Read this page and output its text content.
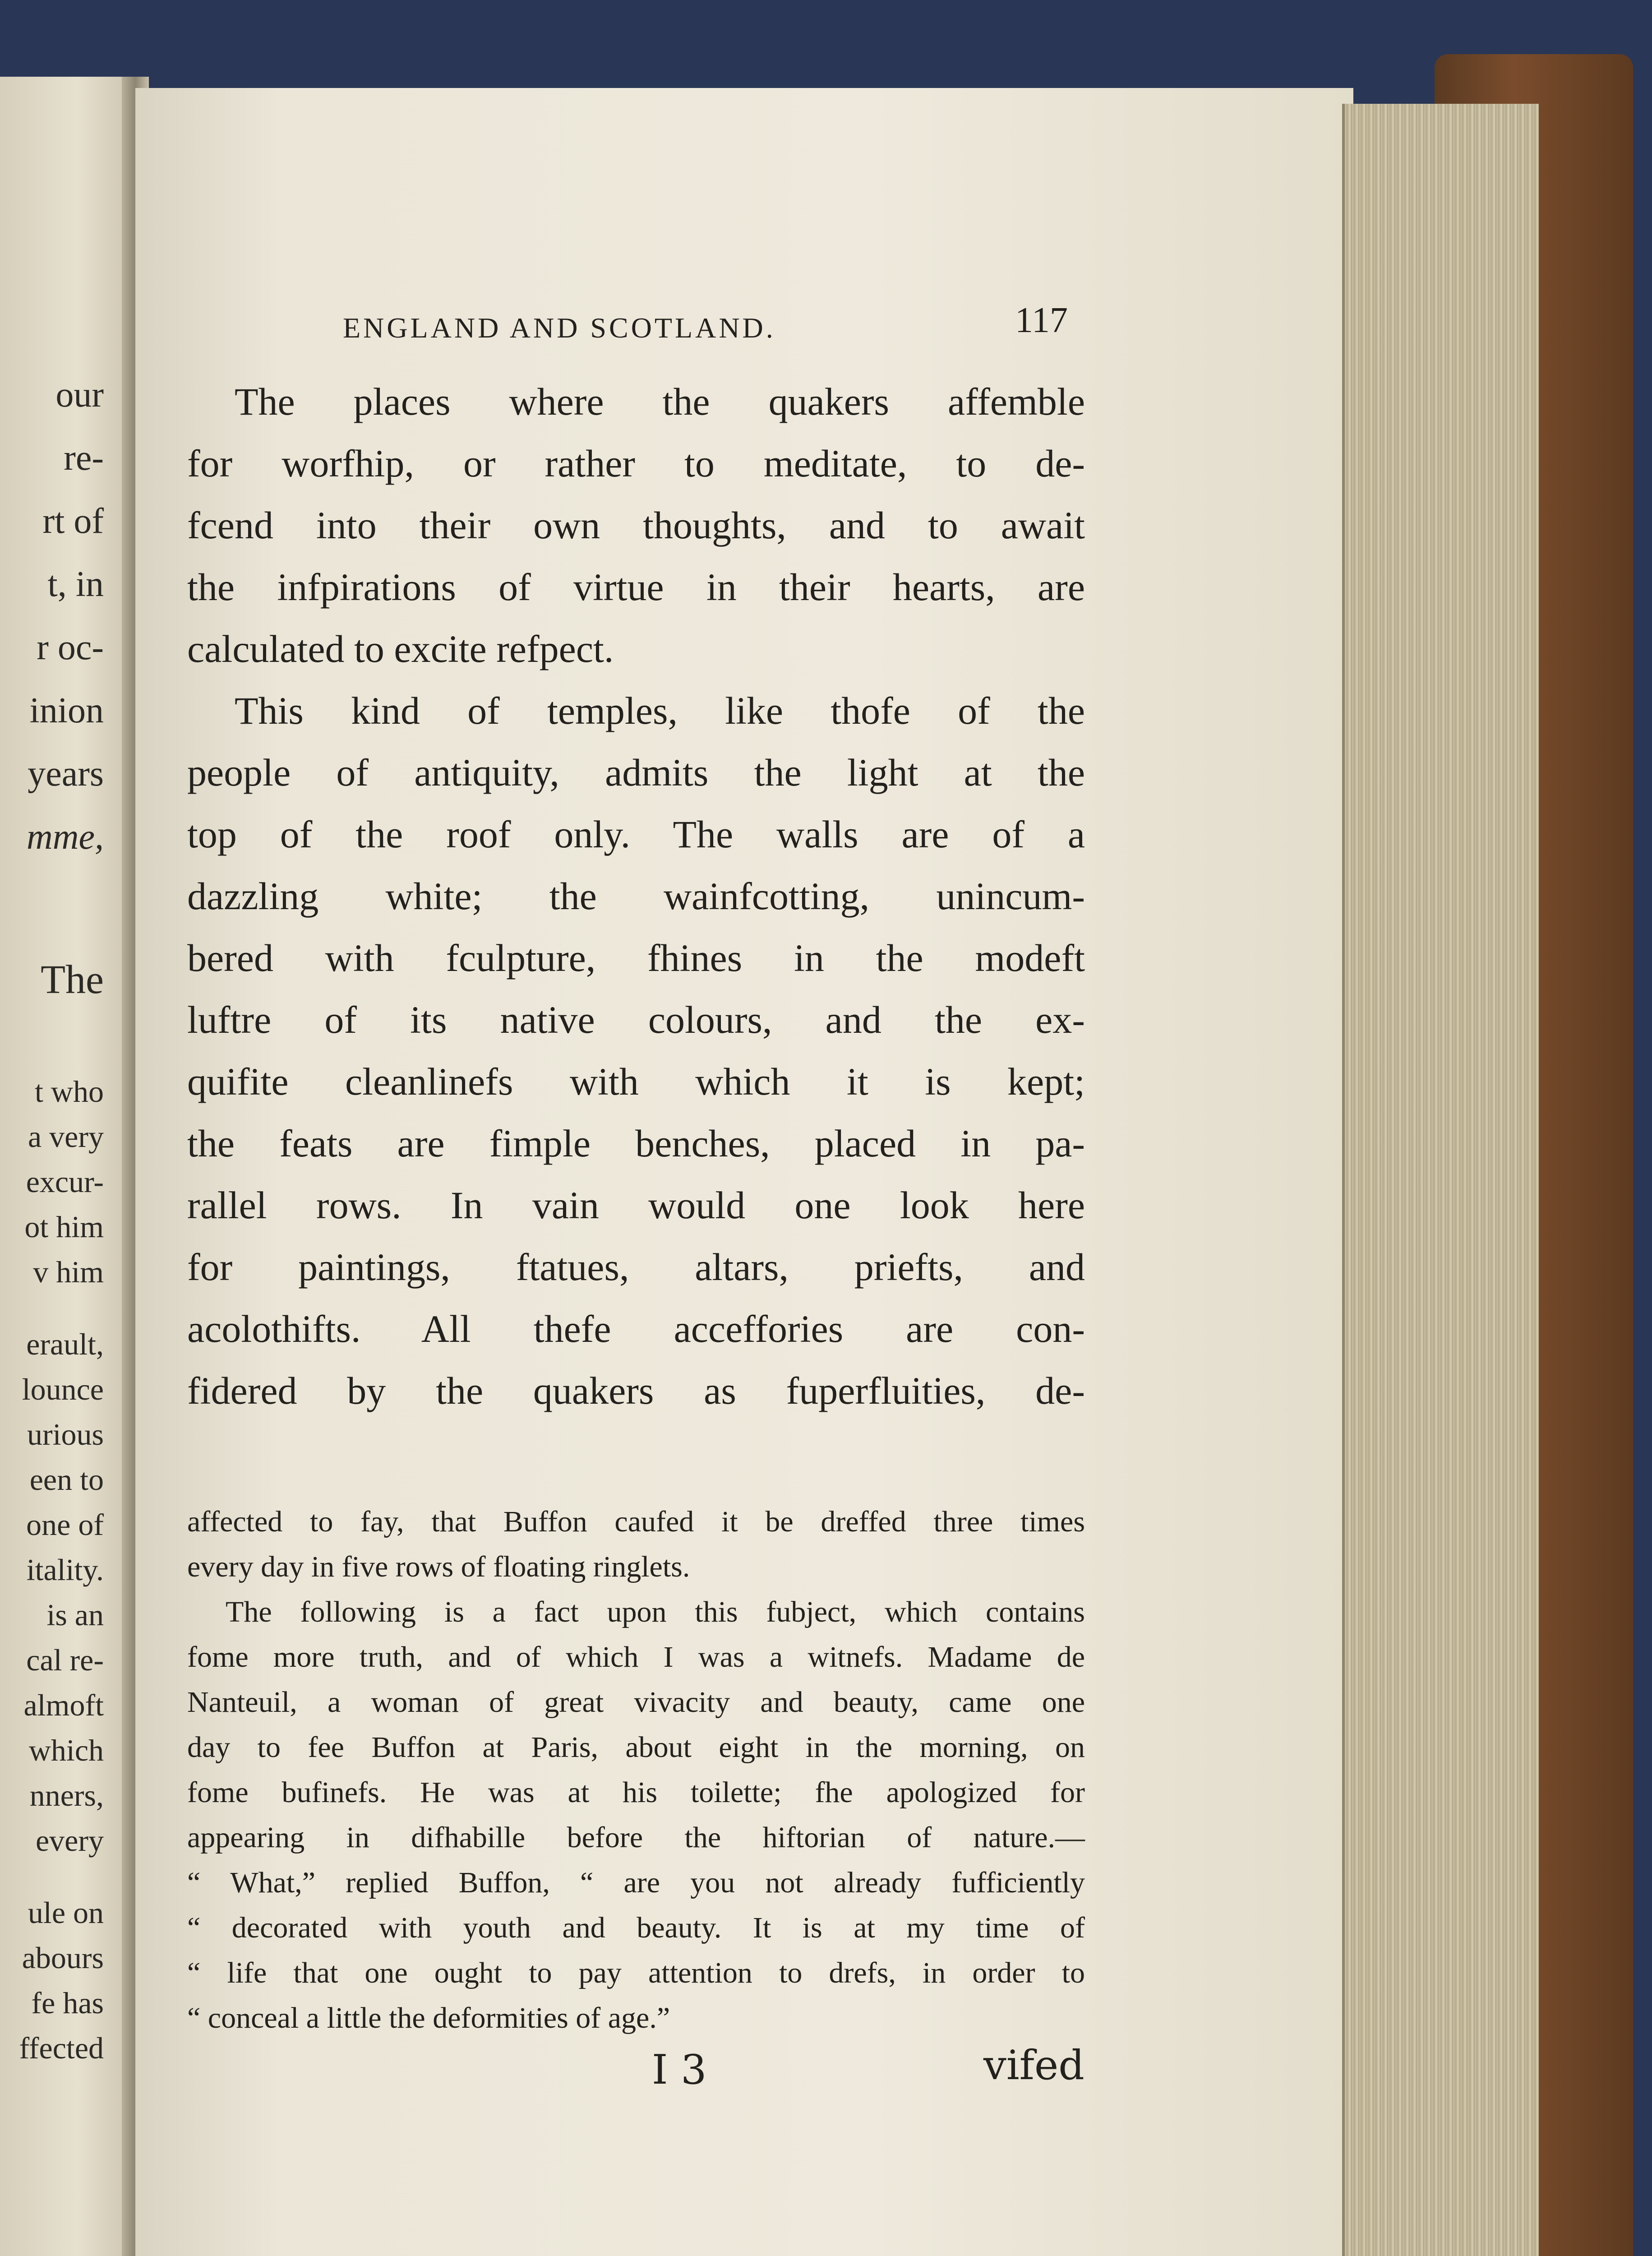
our
re-
rt of
t, in
r oc-
inion
years
mme,
The
t who
a very
excur-
ot him
v him
erault,
lounce
urious
een to
one of
itality.
is an
cal re-
almoft
which
nners,
every
ule on
abours
fe has
ffected
ENGLAND AND SCOTLAND.	117
The places where the quakers affemble
for worfhip, or rather to meditate, to de-
fcend into their own thoughts, and to await
the infpirations of virtue in their hearts, are
calculated to excite refpect.
This kind of temples, like thofe of the
people of antiquity, admits the light at the
top of the roof only. The walls are of a
dazzling white; the wainfcotting, unincum-
bered with fculpture, fhines in the modeft
luftre of its native colours, and the ex-
quifite cleanlinefs with which it is kept;
the feats are fimple benches, placed in pa-
rallel rows. In vain would one look here
for paintings, ftatues, altars, priefts, and
acolothifts. All thefe acceffories are con-
fidered by the quakers as fuperfluities, de-
affected to fay, that Buffon caufed it be dreffed three times
every day in five rows of floating ringlets.
The following is a fact upon this fubject, which contains
fome more truth, and of which I was a witnefs. Madame de
Nanteuil, a woman of great vivacity and beauty, came one
day to fee Buffon at Paris, about eight in the morning, on
fome bufinefs. He was at his toilette; fhe apologized for
appearing in difhabille before the hiftorian of nature.—
“ What,” replied Buffon, “ are you not already fufficiently
“ decorated with youth and beauty. It is at my time of
“ life that one ought to pay attention to drefs, in order to
“ conceal a little the deformities of age.”
I 3	vifed
